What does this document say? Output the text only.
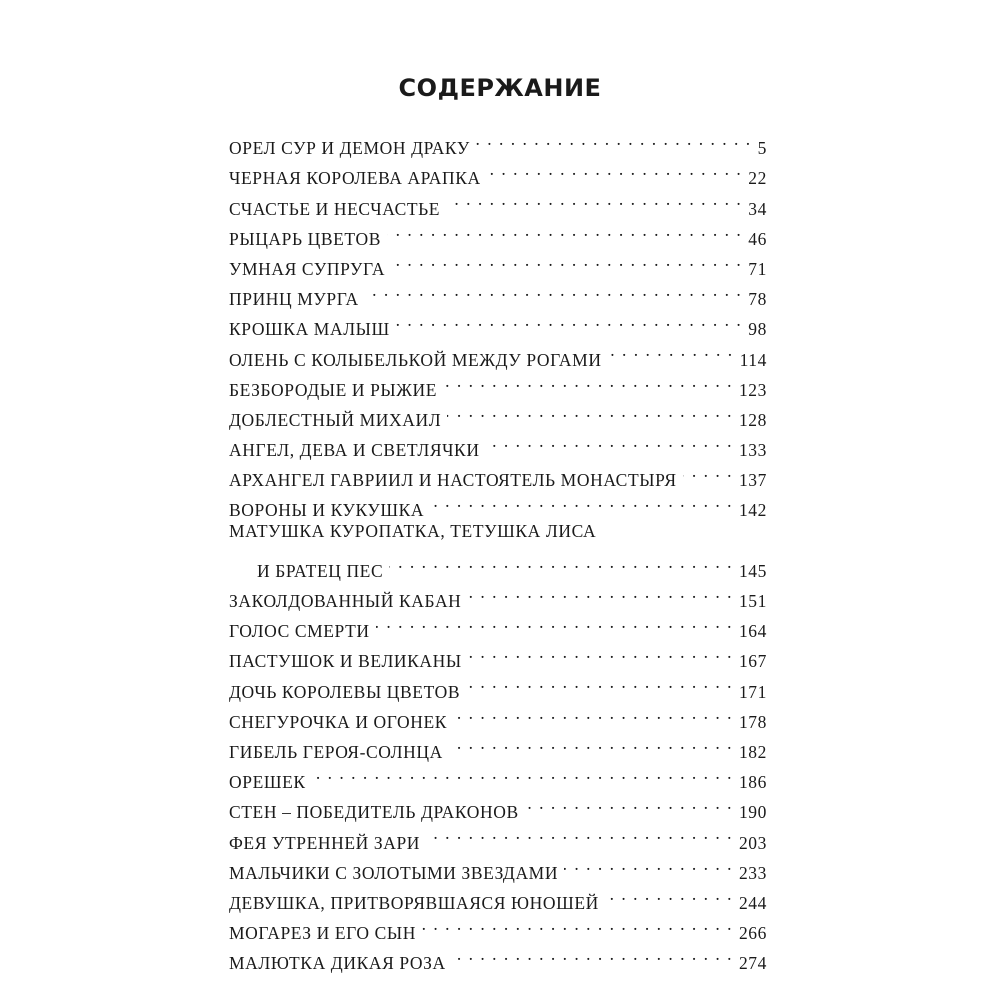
СОДЕРЖАНИЕ
ОРЕЛ СУР И ДЕМОН ДРАКУ . . .	5
ЧЕРНАЯ КОРОЛЕВА АРАПКА . . .	22
СЧАСТЬЕ И НЕСЧАСТЬЕ . . .	34
РЫЦАРЬ ЦВЕТОВ . . .	46
УМНАЯ СУПРУГА . . .	71
ПРИНЦ МУРГА . . .	78
КРОШКА МАЛЫШ . . .	98
ОЛЕНЬ С КОЛЫБЕЛЬКОЙ МЕЖДУ РОГАМИ . . .	114
БЕЗБОРОДЫЕ И РЫЖИЕ . . .	123
ДОБЛЕСТНЫЙ МИХАИЛ . . .	128
АНГЕЛ, ДЕВА И СВЕТЛЯЧКИ . . .	133
АРХАНГЕЛ ГАВРИИЛ И НАСТОЯТЕЛЬ МОНАСТЫРЯ . . .	137
ВОРОНЫ И КУКУШКА . . .	142
МАТУШКА КУРОПАТКА, ТЕТУШКА ЛИСА
И БРАТЕЦ ПЕС . . .	145
ЗАКОЛДОВАННЫЙ КАБАН . . .	151
ГОЛОС СМЕРТИ . . .	164
ПАСТУШОК И ВЕЛИКАНЫ . . .	167
ДОЧЬ КОРОЛЕВЫ ЦВЕТОВ . . .	171
СНЕГУРОЧКА И ОГОНЕК . . .	178
ГИБЕЛЬ ГЕРОЯ-СОЛНЦА . . .	182
ОРЕШЕК . . .	186
СТЕН – ПОБЕДИТЕЛЬ ДРАКОНОВ . . .	190
ФЕЯ УТРЕННЕЙ ЗАРИ . . .	203
МАЛЬЧИКИ С ЗОЛОТЫМИ ЗВЕЗДАМИ . . .	233
ДЕВУШКА, ПРИТВОРЯВШАЯСЯ ЮНОШЕЙ . . .	244
МОГАРЕЗ И ЕГО СЫН . . .	266
МАЛЮТКА ДИКАЯ РОЗА . . .	274
